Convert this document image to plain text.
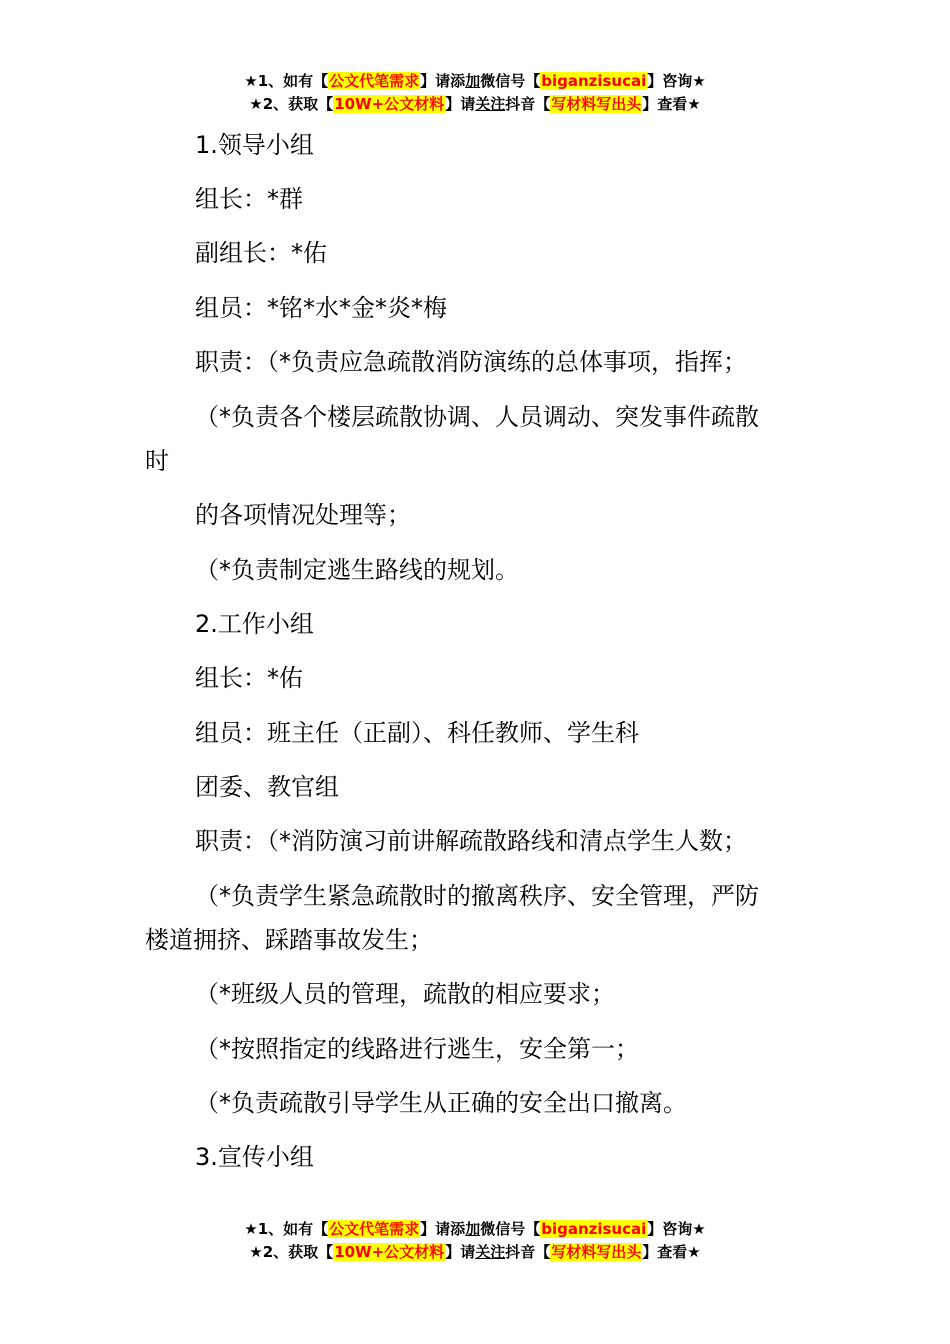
★1、如有【公文代笔需求】请添加微信号【biganzisucai】咨询★
★2、获取【10W+公文材料】请关注抖音【写材料写出头】查看★
1.领导小组
组长：*群
副组长：*佑
组员：*铭*水*金*炎*梅
职责：（*负责应急疏散消防演练的总体事项，指挥；
（*负责各个楼层疏散协调、人员调动、突发事件疏散
时
的各项情况处理等；
（*负责制定逃生路线的规划。
2.工作小组
组长：*佑
组员：班主任（正副）、科任教师、学生科
团委、教官组
职责：（*消防演习前讲解疏散路线和清点学生人数；
（*负责学生紧急疏散时的撤离秩序、安全管理，严防
楼道拥挤、踩踏事故发生；
（*班级人员的管理，疏散的相应要求；
（*按照指定的线路进行逃生，安全第一；
（*负责疏散引导学生从正确的安全出口撤离。
3.宣传小组
★1、如有【公文代笔需求】请添加微信号【biganzisucai】咨询★
★2、获取【10W+公文材料】请关注抖音【写材料写出头】查看★
